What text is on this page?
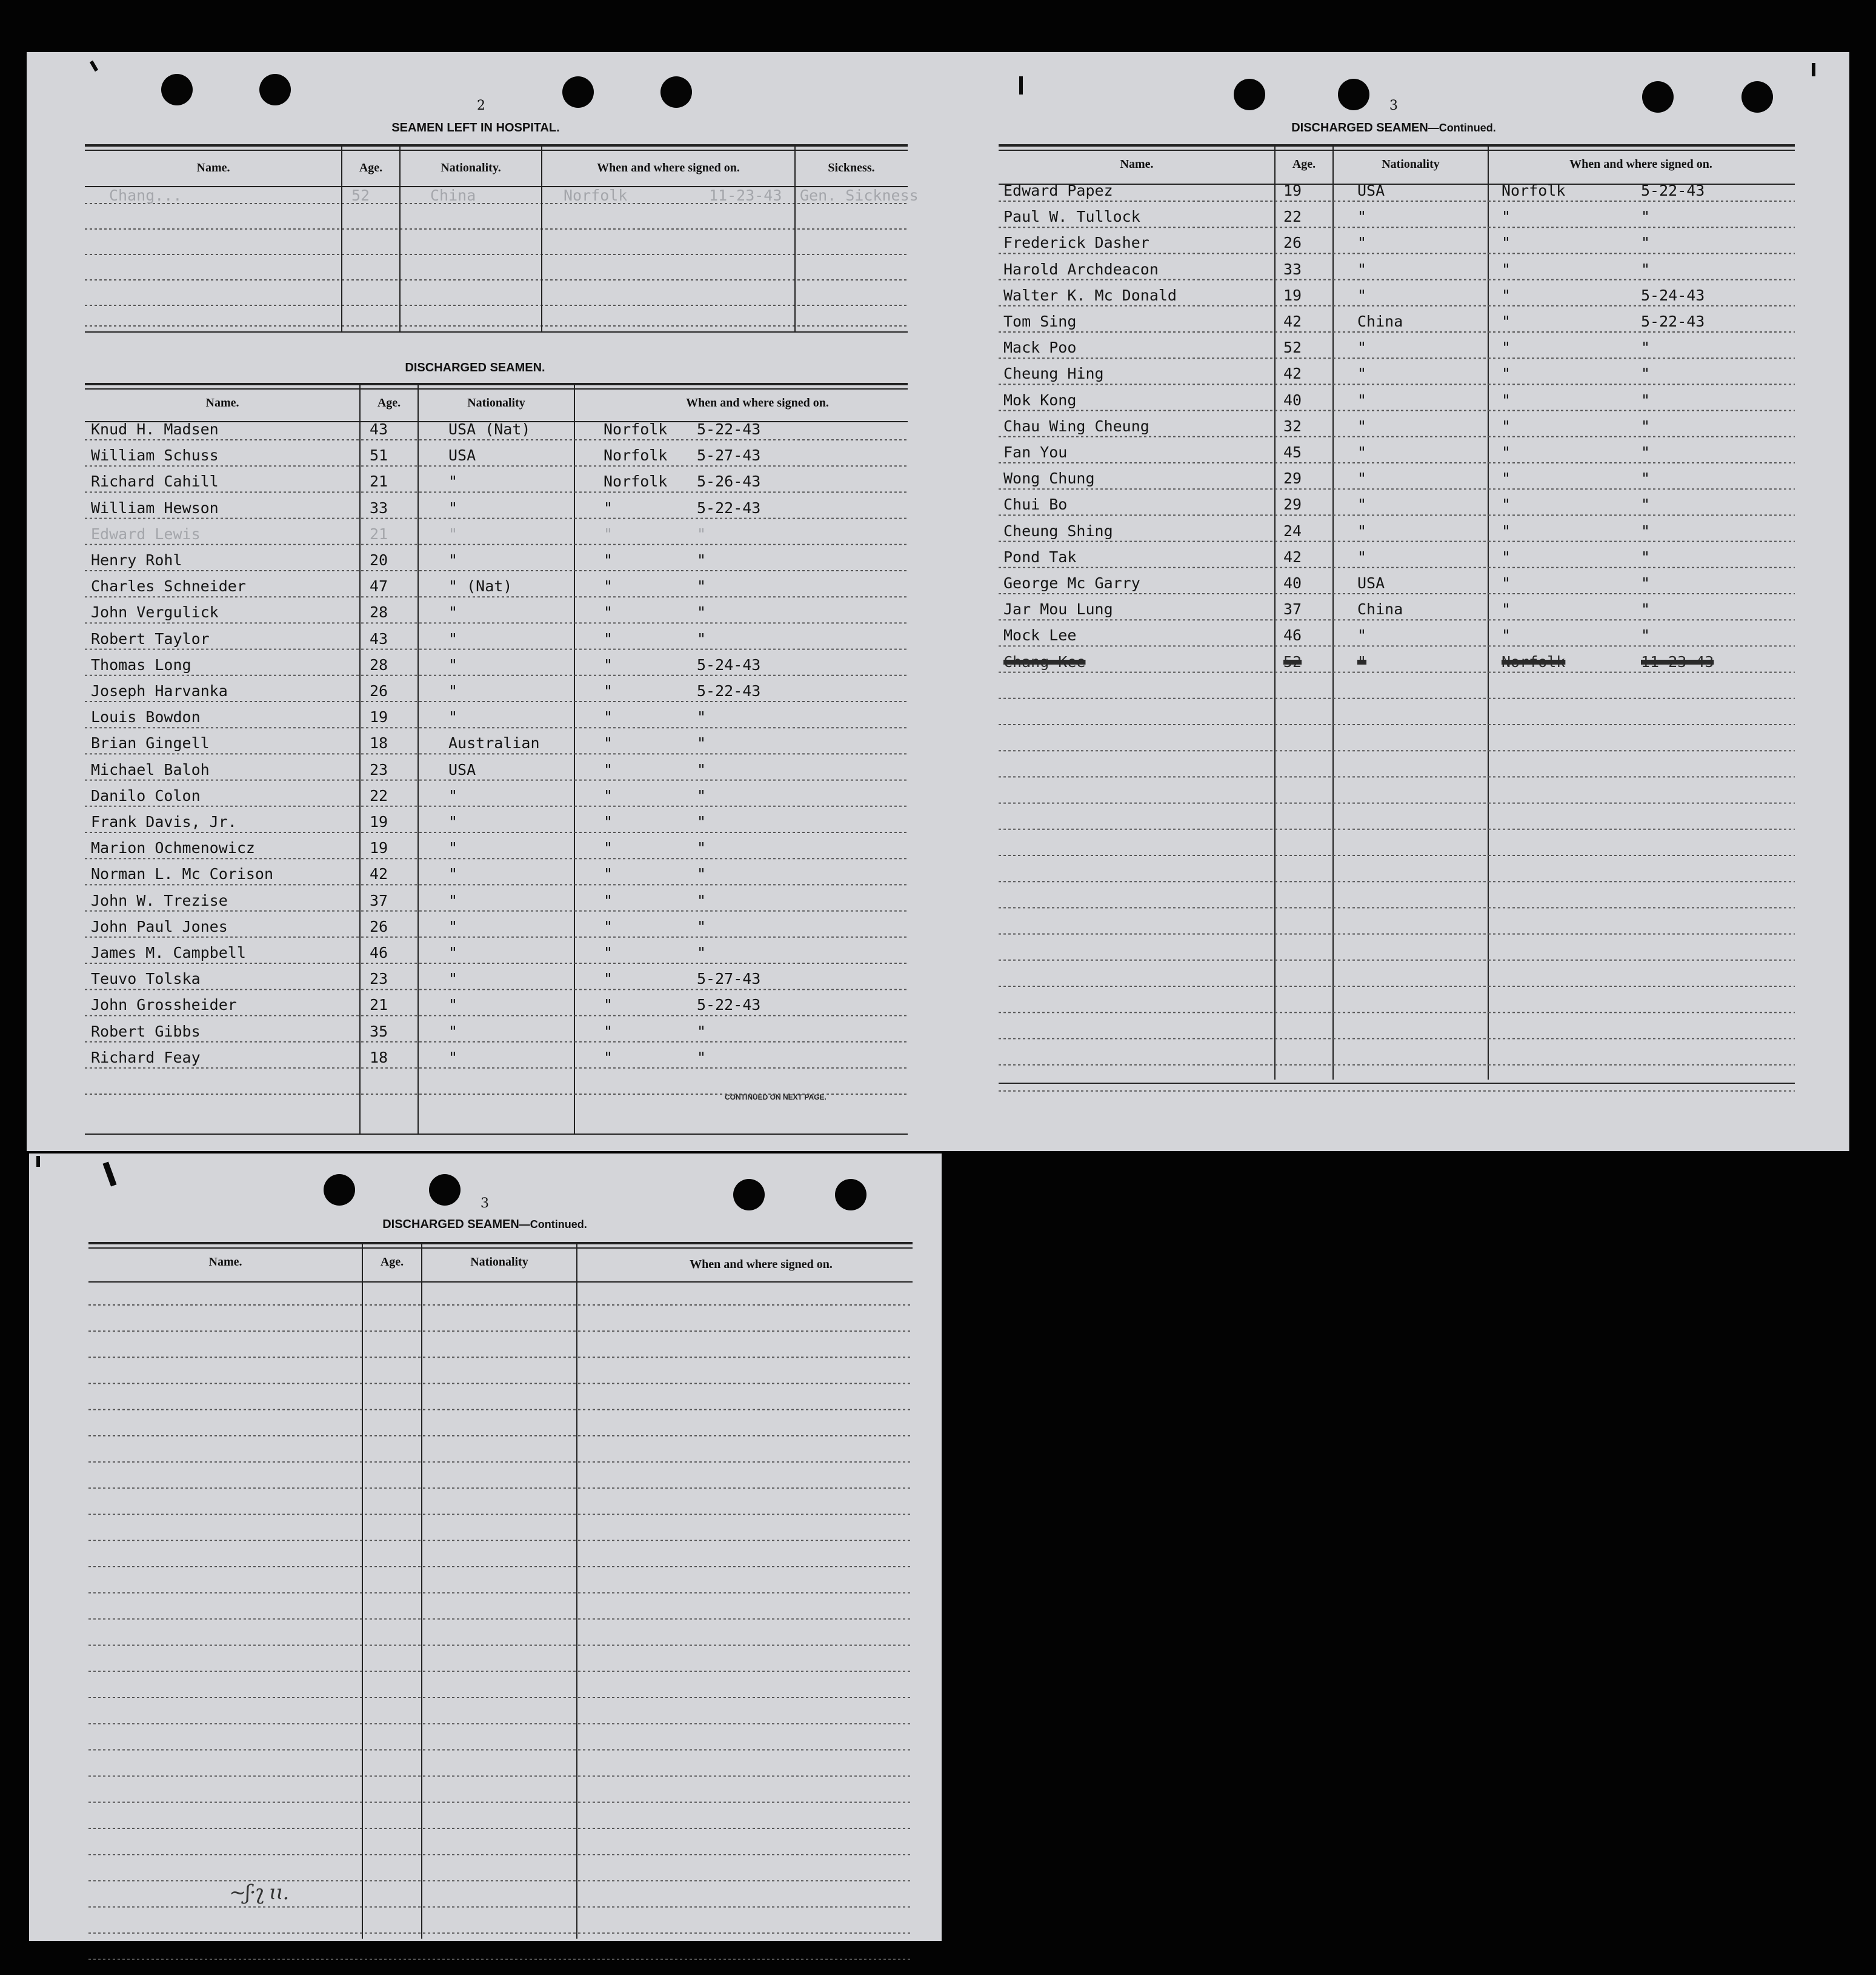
2
SEAMEN LEFT IN HOSPITAL.
Name.	Age.	Nationality.	When and where signed on.	Sickness.
Chang...	52	China	Norfolk	11-23-43 Gen. Sickness
DISCHARGED SEAMEN.
Name.	Age.	Nationality	When and where signed on.
Knud H. Madsen	43	USA (Nat)	Norfolk 5-22-43
William Schuss	51	USA	Norfolk 5-27-43
Richard Cahill	21	"	Norfolk 5-26-43
William Hewson	33	"	"	5-22-43
Edward Lewis	21	"	"	"
Henry Rohl	20	"	"	"
Charles Schneider	47	" (Nat)	"	"
John Vergulick	28	"	"	"
Robert Taylor	43	"	"	"
Thomas Long	28	"	"	5-24-43
Joseph Harvanka	26	"	"	5-22-43
Louis Bowdon	19	"	"	"
Brian Gingell	18	Australian	"	"
Michael Baloh	23	USA	"	"
Danilo Colon	22	"	"	"
Frank Davis, Jr.	19	"	"	"
Marion Ochmenowicz	19	"	"	"
Norman L. Mc Corison	42	"	"	"
John W. Trezise	37	"	"	"
John Paul Jones	26	"	"	"
James M. Campbell	46	"	"	"
Teuvo Tolska	23	"	"	5-27-43
John Grossheider	21	"	"	5-22-43
Robert Gibbs	35	"	"	"
Richard Feay	18	"	"	"
CONTINUED ON NEXT PAGE.
3
DISCHARGED SEAMEN—Continued.
Name.	Age.	Nationality	When and where signed on.
Edward Papez	19	USA	Norfolk	5-22-43
Paul W. Tullock	22	"	"	"
Frederick Dasher	26	"	"	"
Harold Archdeacon	33	"	"	"
Walter K. Mc Donald	19	"	"	5-24-43
Tom Sing	42	China	"	5-22-43
Mack Poo	52	"	"	"
Cheung Hing	42	"	"	"
Mok Kong	40	"	"	"
Chau Wing Cheung	32	"	"	"
Fan You	45	"	"	"
Wong Chung	29	"	"	"
Chui Bo	29	"	"	"
Cheung Shing	24	"	"	"
Pond Tak	42	"	"	"
George Mc Garry	40	USA	"	"
Jar Mou Lung	37	China	"	"
Mock Lee	46	"	"	"
Chang Kee	52	"	Norfolk	11-23-43
3
DISCHARGED SEAMEN—Continued.
Name.	Age.	Nationality	When and where signed on.
~ʃ·ʅ ɩɩ.
